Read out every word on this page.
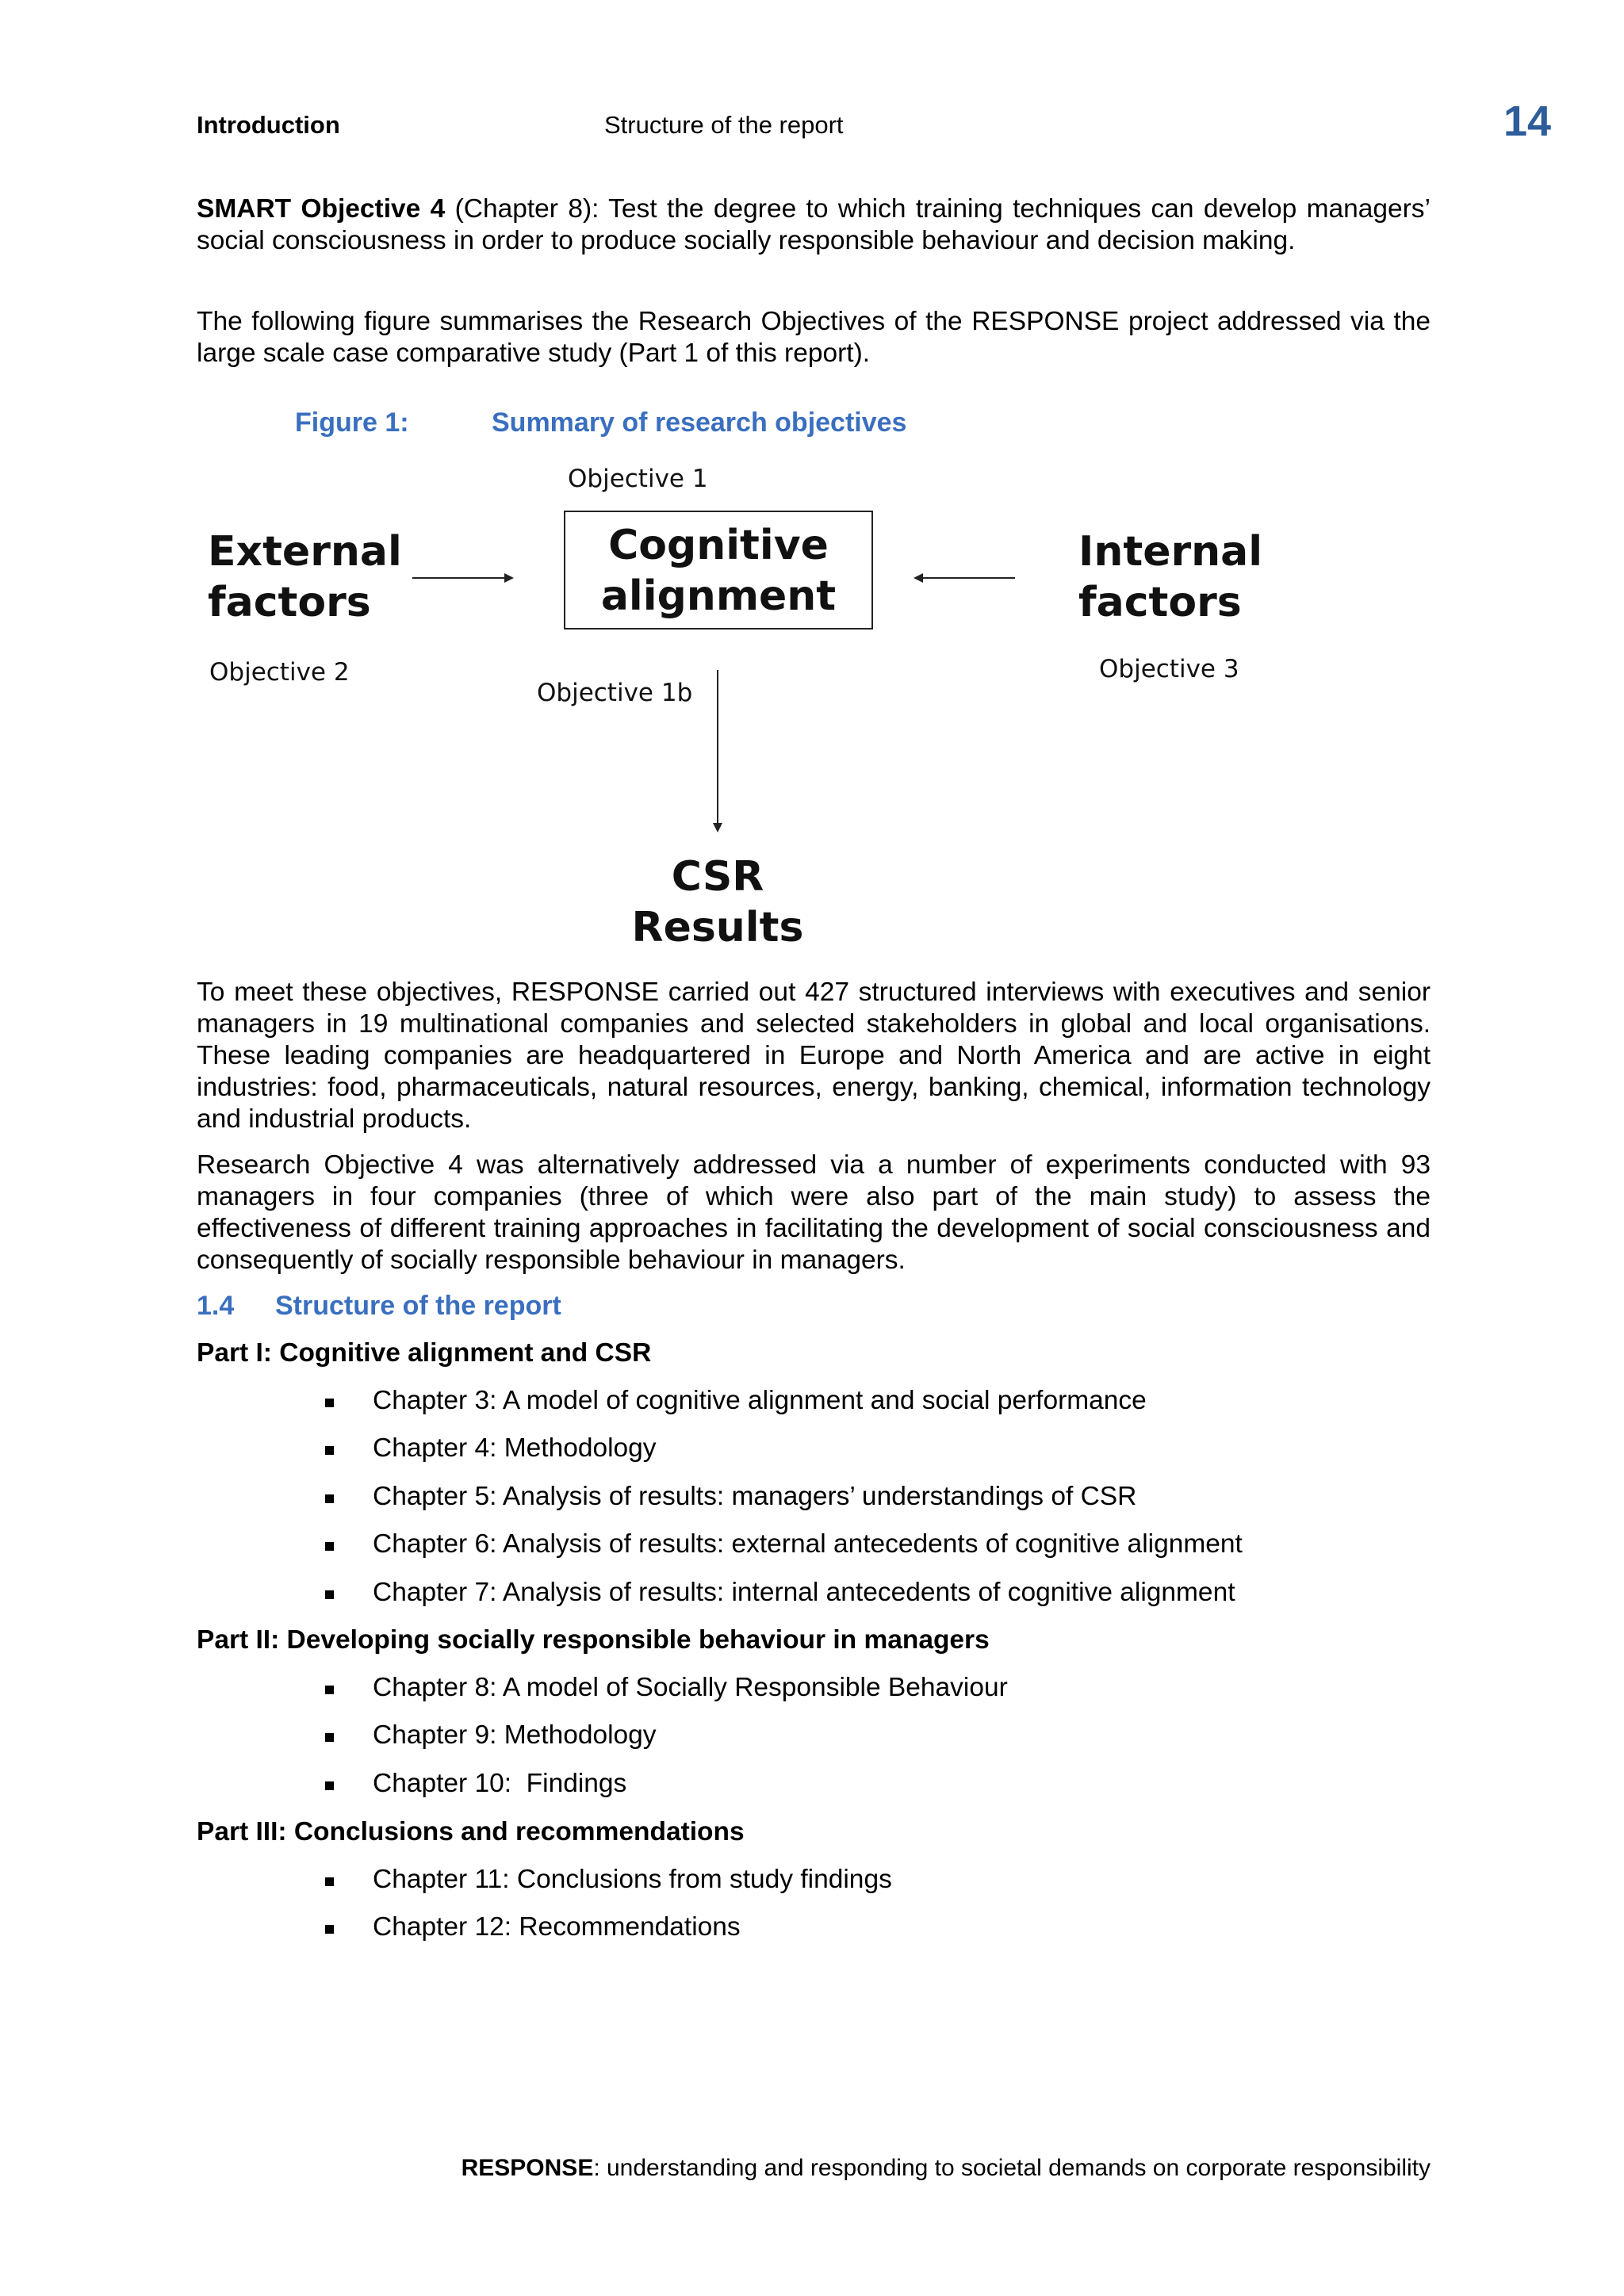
Introduction	Structure of the report	14
SMART Objective 4 (Chapter 8): Test the degree to which training techniques can develop managers’ social consciousness in order to produce socially responsible behaviour and decision making.
The following figure summarises the Research Objectives of the RESPONSE project addressed via the large scale case comparative study (Part 1 of this report).
Figure 1:	Summary of research objectives
External
factors
Objective 2
Objective 1
Cognitive
alignment
Objective 1b
Internal
factors
Objective 3
CSR
Results
To meet these objectives, RESPONSE carried out 427 structured interviews with executives and senior managers in 19 multinational companies and selected stakeholders in global and local organisations. These leading companies are headquartered in Europe and North America and are active in eight industries: food, pharmaceuticals, natural resources, energy, banking, chemical, information technology and industrial products.
Research Objective 4 was alternatively addressed via a number of experiments conducted with 93 managers in four companies (three of which were also part of the main study) to assess the effectiveness of different training approaches in facilitating the development of social consciousness and consequently of socially responsible behaviour in managers.
1.4 Structure of the report
Part I: Cognitive alignment and CSR
Chapter 3: A model of cognitive alignment and social performance
Chapter 4: Methodology
Chapter 5: Analysis of results: managers’ understandings of CSR
Chapter 6: Analysis of results: external antecedents of cognitive alignment
Chapter 7: Analysis of results: internal antecedents of cognitive alignment
Part II: Developing socially responsible behaviour in managers
Chapter 8: A model of Socially Responsible Behaviour
Chapter 9: Methodology
Chapter 10:  Findings
Part III: Conclusions and recommendations
Chapter 11: Conclusions from study findings
Chapter 12: Recommendations
RESPONSE: understanding and responding to societal demands on corporate responsibility
